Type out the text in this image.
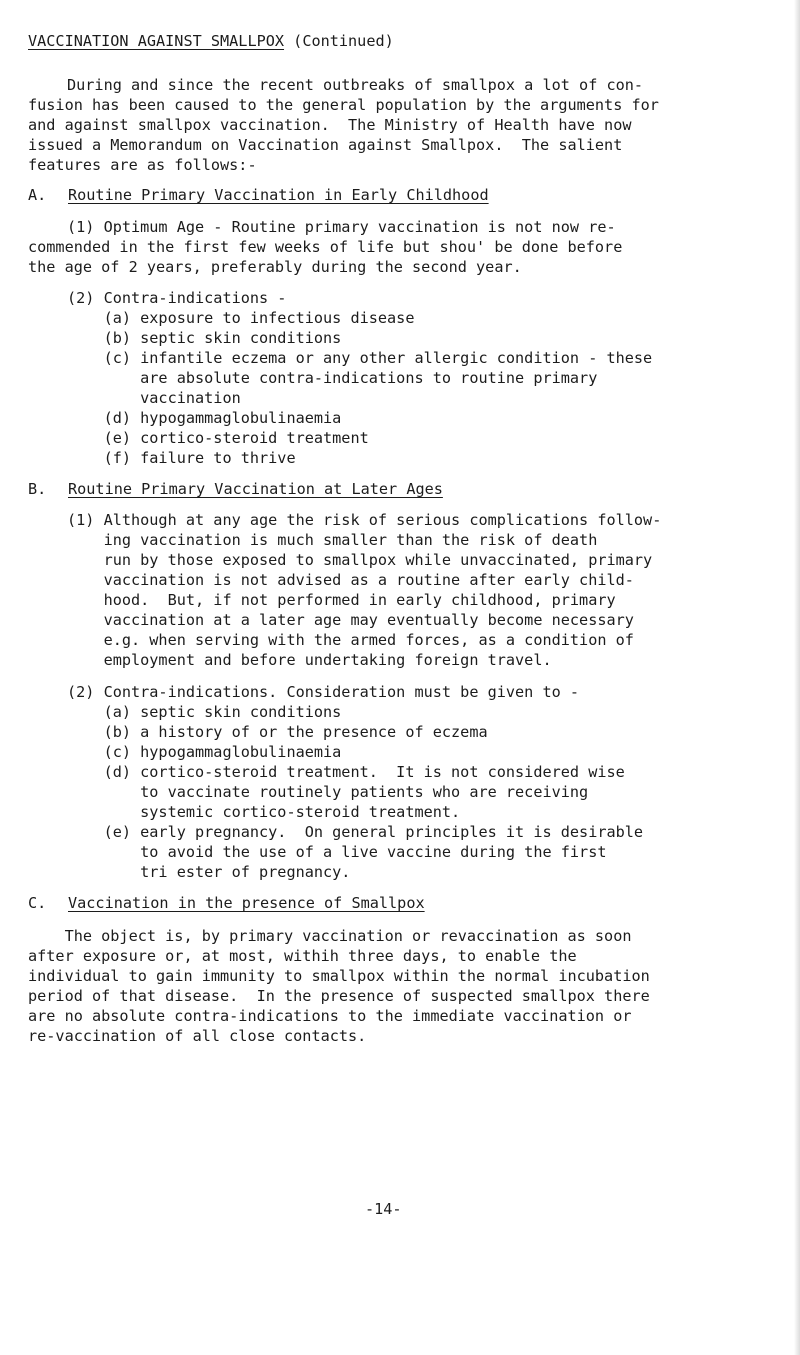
VACCINATION AGAINST SMALLPOX (Continued)
During and since the recent outbreaks of smallpox a lot of con-
fusion has been caused to the general population by the arguments for
and against smallpox vaccination.  The Ministry of Health have now
issued a Memorandum on Vaccination against Smallpox.  The salient
features are as follows:-
A. Routine Primary Vaccination in Early Childhood
(1) Optimum Age - Routine primary vaccination is not now re-
commended in the first few weeks of life but shou' be done before
the age of 2 years, preferably during the second year.
(2) Contra-indications -
(a) exposure to infectious disease
(b) septic skin conditions
(c) infantile eczema or any other allergic condition - these
are absolute contra-indications to routine primary
vaccination
(d) hypogammaglobulinaemia
(e) cortico-steroid treatment
(f) failure to thrive
B. Routine Primary Vaccination at Later Ages
(1) Although at any age the risk of serious complications follow-
ing vaccination is much smaller than the risk of death
run by those exposed to smallpox while unvaccinated, primary
vaccination is not advised as a routine after early child-
hood.  But, if not performed in early childhood, primary
vaccination at a later age may eventually become necessary
e.g. when serving with the armed forces, as a condition of
employment and before undertaking foreign travel.
(2) Contra-indications. Consideration must be given to -
(a) septic skin conditions
(b) a history of or the presence of eczema
(c) hypogammaglobulinaemia
(d) cortico-steroid treatment.  It is not considered wise
to vaccinate routinely patients who are receiving
systemic cortico-steroid treatment.
(e) early pregnancy.  On general principles it is desirable
to avoid the use of a live vaccine during the first
tri ester of pregnancy.
C. Vaccination in the presence of Smallpox
The object is, by primary vaccination or revaccination as soon
after exposure or, at most, withih three days, to enable the
individual to gain immunity to smallpox within the normal incubation
period of that disease.  In the presence of suspected smallpox there
are no absolute contra-indications to the immediate vaccination or
re-vaccination of all close contacts.
-14-
